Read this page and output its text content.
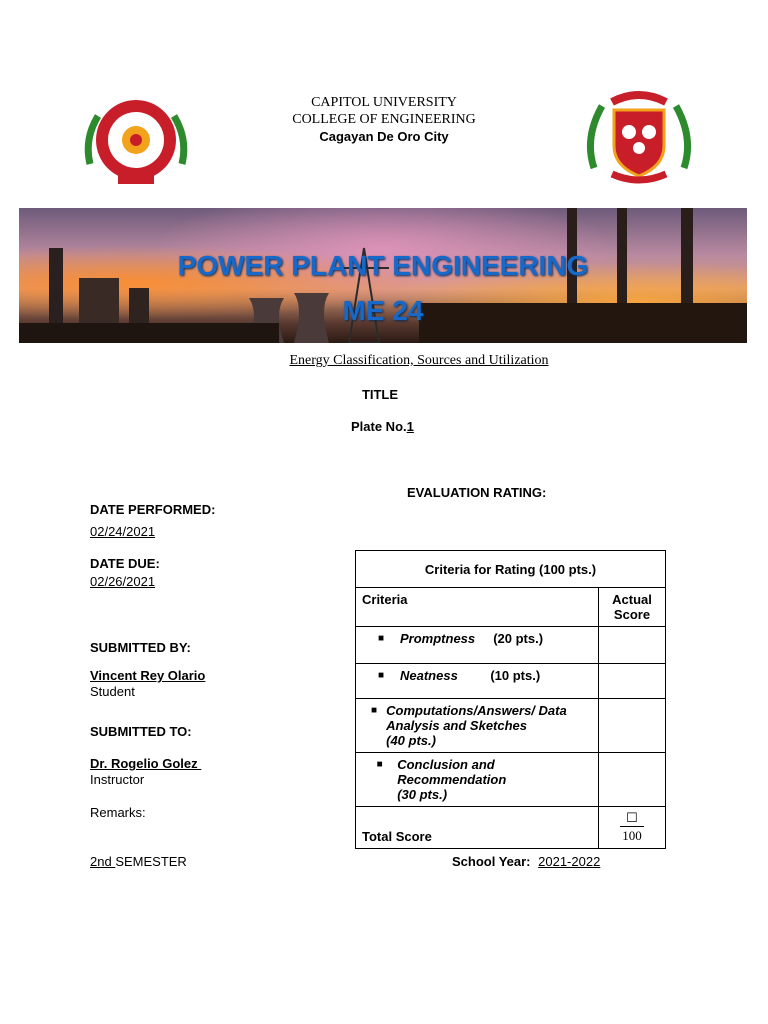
CAPITOL UNIVERSITY
COLLEGE OF ENGINEERING
Cagayan De Oro City
POWER PLANT ENGINEERING
ME 24
Energy Classification, Sources and Utilization
TITLE
Plate No.1
EVALUATION RATING:
DATE PERFORMED:
02/24/2021
DATE DUE:
02/26/2021
SUBMITTED BY:
Vincent Rey Olario
Student
SUBMITTED TO:
Dr. Rogelio Golez
Instructor
Remarks:
2nd SEMESTER	School Year: 2021-2022
Criteria for Rating (100 pts.)	
Criteria	Actual Score

■ Promptness (20 pts.)	

■ Neatness (10 pts.)	

■ Computations/Answers/ Data Analysis and Sketches
(40 pts.)	

■ Conclusion and Recommendation
(30 pts.)	

Total Score	☐
100
